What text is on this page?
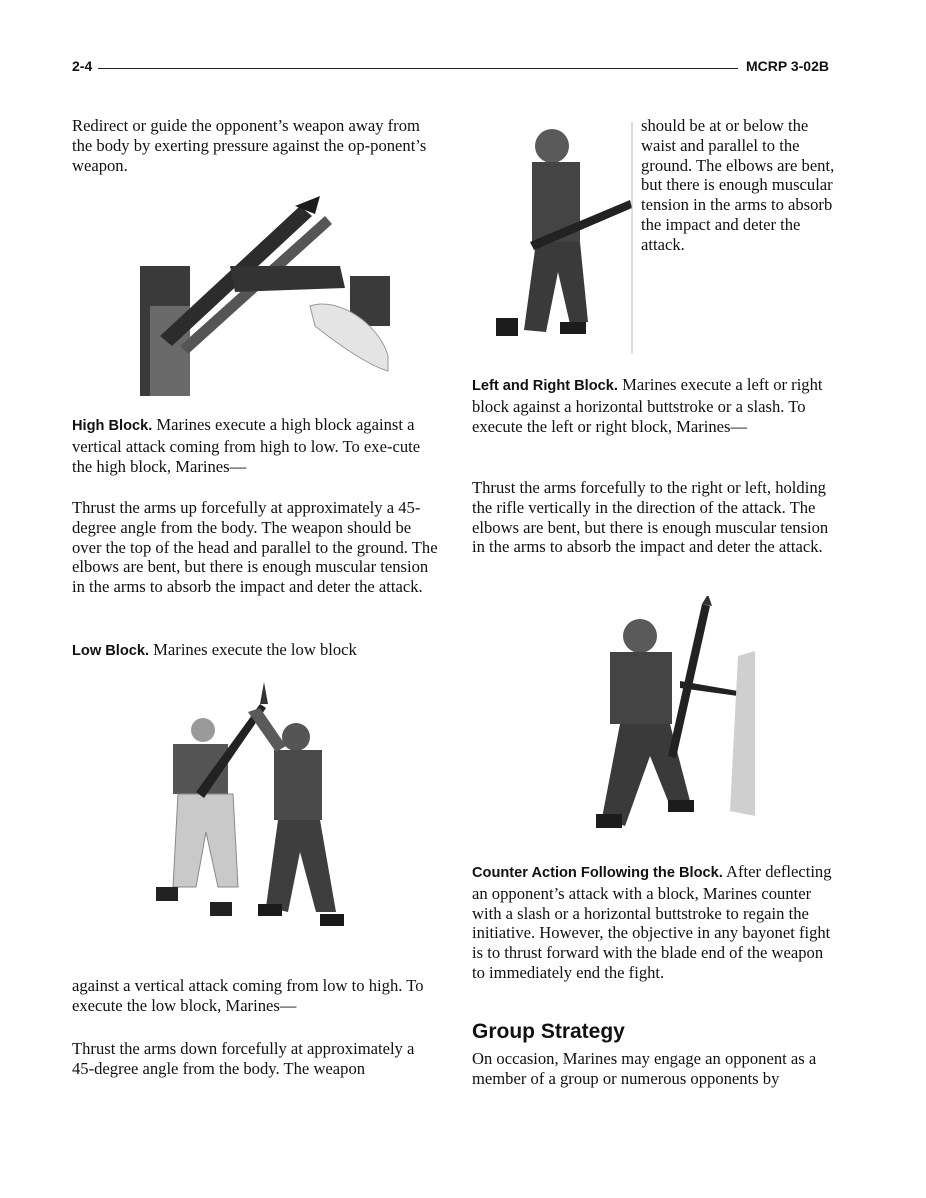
2-4	MCRP 3-02B

Redirect or guide the opponent’s weapon away from the body by exerting pressure against the op-ponent’s weapon.

High Block. Marines execute a high block against a vertical attack coming from high to low. To exe-cute the high block, Marines—

Thrust the arms up forcefully at approximately a 45-degree angle from the body. The weapon should be over the top of the head and parallel to the ground. The elbows are bent, but there is enough muscular tension in the arms to absorb the impact and deter the attack.

Low Block. Marines execute the low block

against a vertical attack coming from low to high. To execute the low block, Marines—

Thrust the arms down forcefully at approximately a 45-degree angle from the body. The weapon

should be at or below the waist and parallel to the ground. The elbows are bent, but there is enough muscular tension in the arms to absorb the impact and deter the attack.

Left and Right Block. Marines execute a left or right block against a horizontal buttstroke or a slash. To execute the left or right block, Marines—

Thrust the arms forcefully to the right or left, holding the rifle vertically in the direction of the attack. The elbows are bent, but there is enough muscular tension in the arms to absorb the impact and deter the attack.

Counter Action Following the Block. After deflecting an opponent’s attack with a block, Marines counter with a slash or a horizontal buttstroke to regain the initiative. However, the objective in any bayonet fight is to thrust forward with the blade end of the weapon to immediately end the fight.

Group Strategy

On occasion, Marines may engage an opponent as a member of a group or numerous opponents by
